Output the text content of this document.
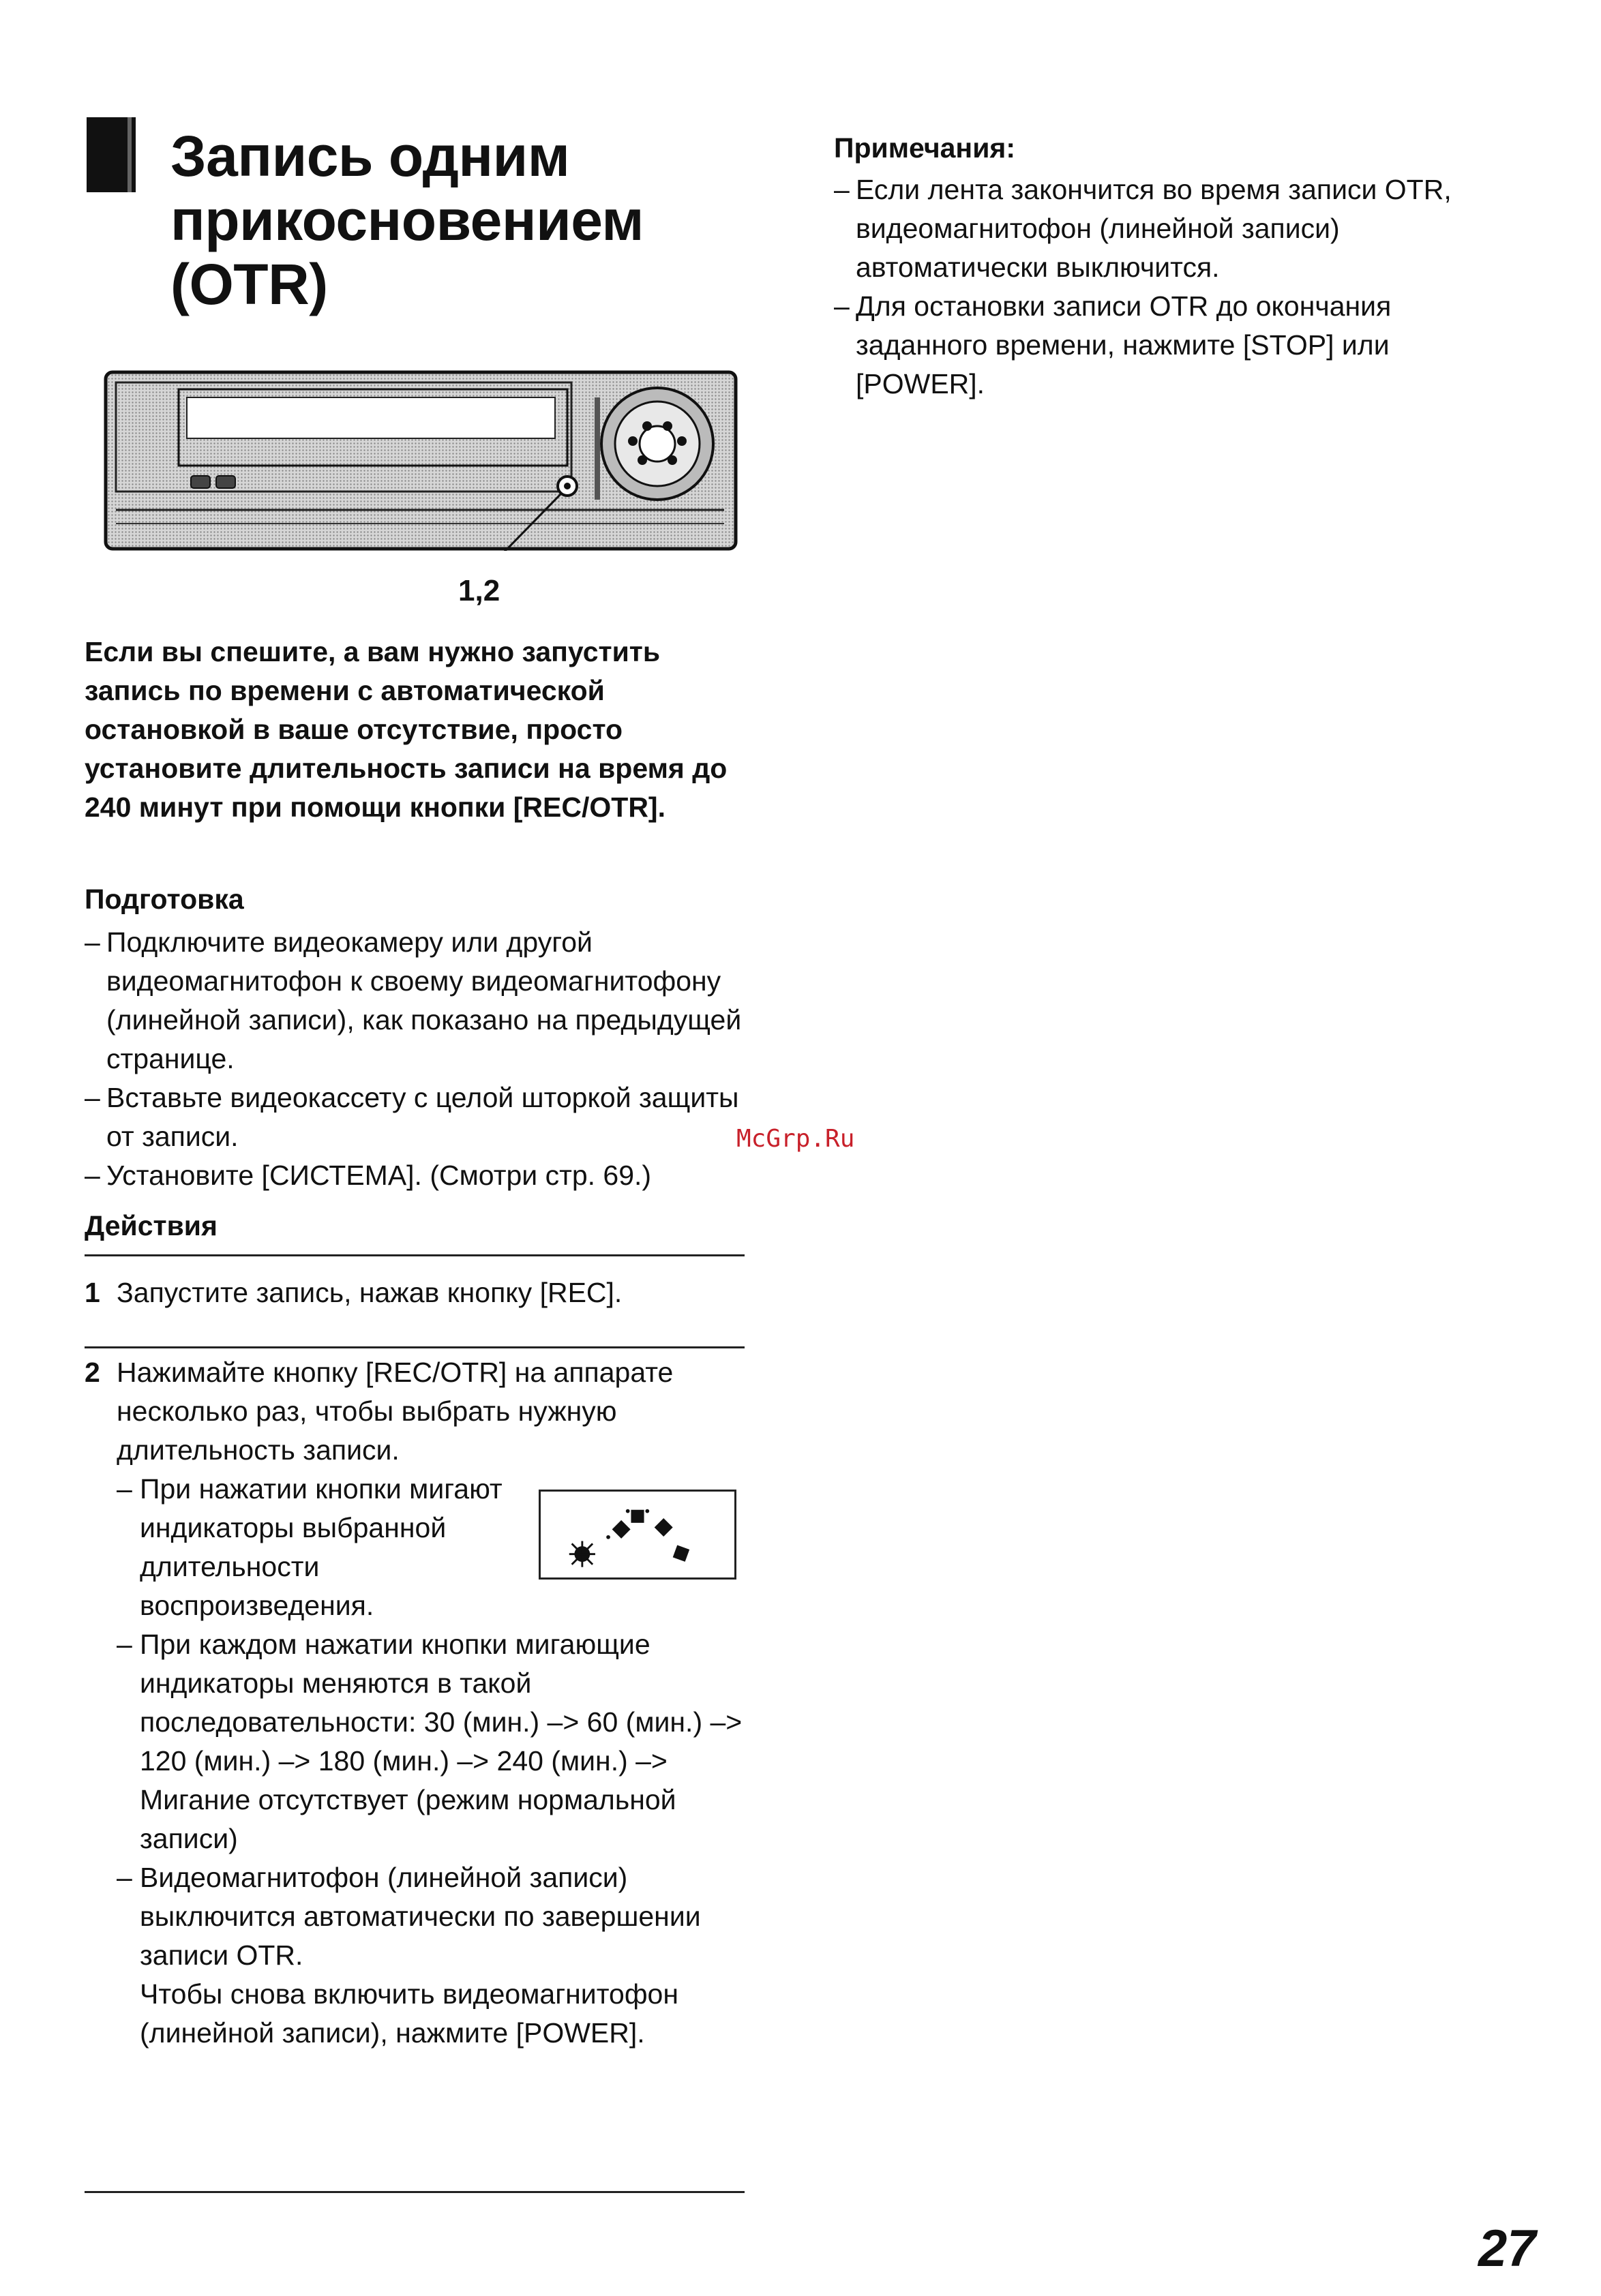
Запись одним
прикосновением
(OTR)
1,2

Если вы спешите, а вам нужно запустить запись по времени с автоматической остановкой в ваше отсутствие, просто установите длительность записи на время до 240 минут при помощи кнопки [REC/OTR].

Подготовка
– Подключите видеокамеру или другой видеомагнитофон к своему видеомагнитофону (линейной записи), как показано на предыдущей странице.
– Вставьте видеокассету с целой шторкой защиты от записи.
– Установите [СИСТЕМА]. (Смотри стр. 69.)
Действия
1 Запустите запись, нажав кнопку [REC].
2 Нажимайте кнопку [REC/OTR] на аппарате несколько раз, чтобы выбрать нужную длительность записи.

– При нажатии кнопки мигают индикаторы выбранной длительности воспроизведения.
– При каждом нажатии кнопки мигающие индикаторы меняются в такой последовательности: 30 (мин.) –> 60 (мин.) –> 120 (мин.) –> 180 (мин.) –> 240 (мин.) –> Мигание отсутствует (режим нормальной записи)
– Видеомагнитофон (линейной записи) выключится автоматически по завершении записи OTR.
Чтобы снова включить видеомагнитофон (линейной записи), нажмите [POWER].
Примечания:
– Если лента закончится во время записи OTR, видеомагнитофон (линейной записи) автоматически выключится.
– Для остановки записи OTR до окончания заданного времени, нажмите [STOP] или [POWER].
McGrp.Ru
27
